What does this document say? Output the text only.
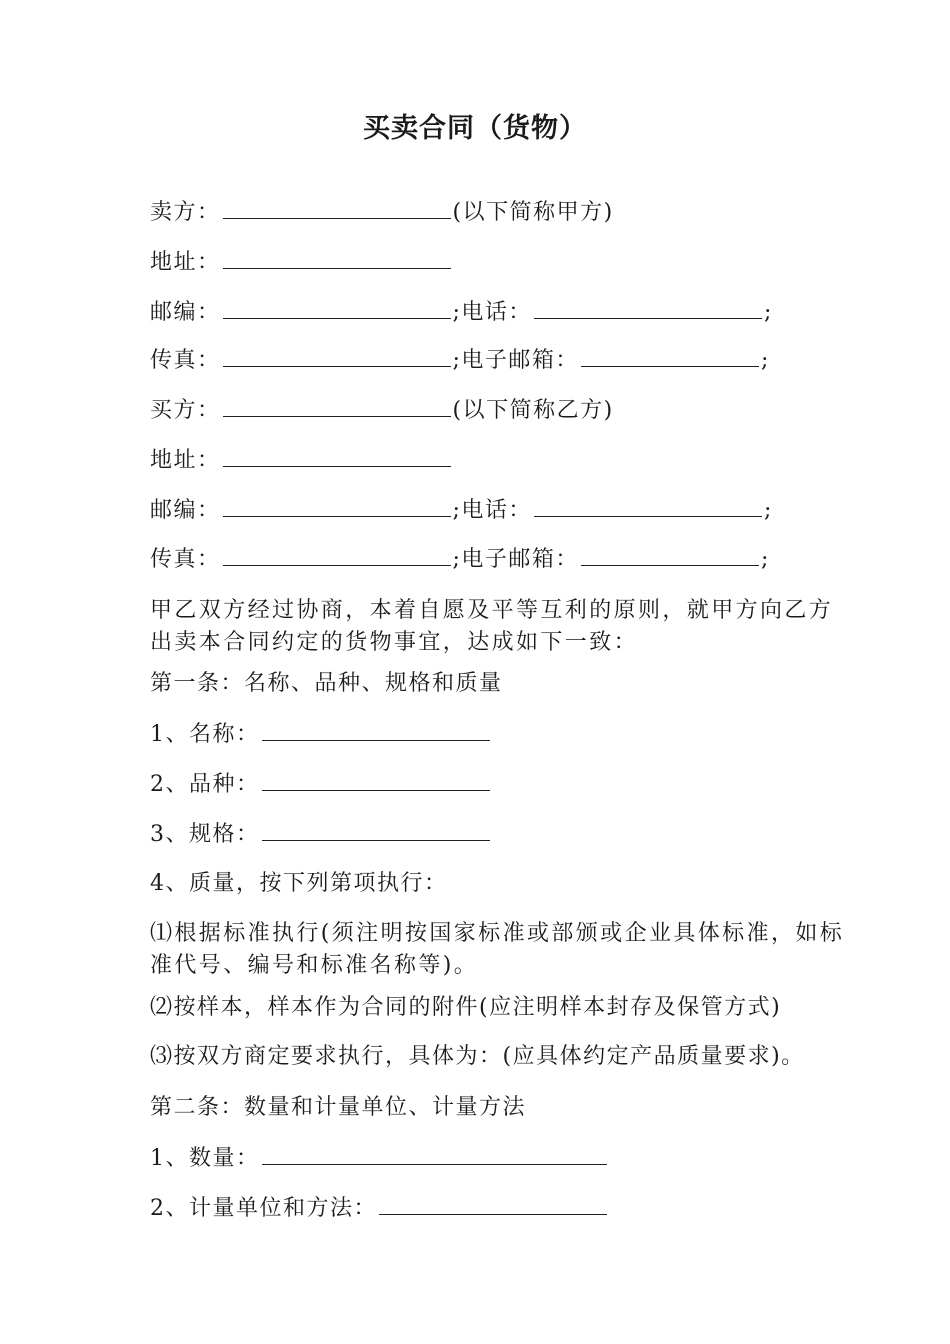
买卖合同（货物）
卖方：	(以下简称甲方)
地址：
邮编：	;电话：	;
传真：	;电子邮箱：	;
买方：	(以下简称乙方)
地址：
邮编：	;电话：	;
传真：	;电子邮箱：	;
甲乙双方经过协商，本着自愿及平等互利的原则，就甲方向乙方出卖本合同约定的货物事宜，达成如下一致：
第一条：名称、品种、规格和质量
1、名称：
2、品种：
3、规格：
4、质量，按下列第项执行：
⑴根据标准执行(须注明按国家标准或部颁或企业具体标准，如标准代号、编号和标准名称等)。
⑵按样本，样本作为合同的附件(应注明样本封存及保管方式)
⑶按双方商定要求执行，具体为：(应具体约定产品质量要求)。
第二条：数量和计量单位、计量方法
1、数量：
2、计量单位和方法：
